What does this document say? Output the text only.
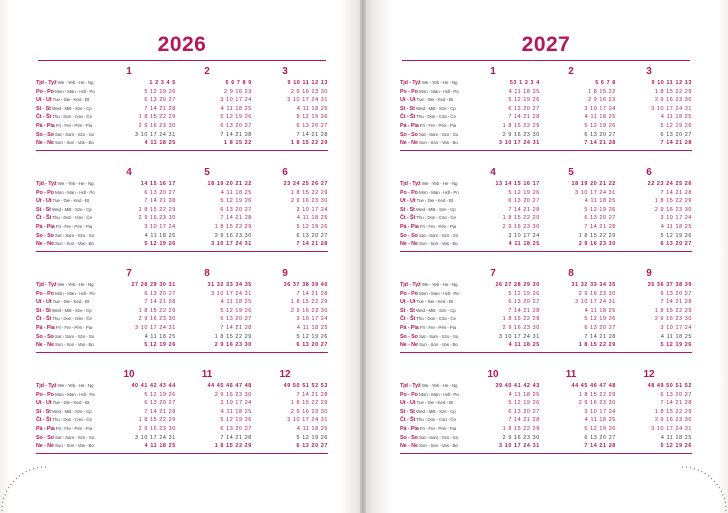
2026
1	2	3
Tjd - Tyž We - Yeb - He - Ng	1 2 3 4 5	5 6 7 8 9	9 10 11 12 13
Po - Po Mon - Man - Hdl - Po	5 12 19 26	2 9 16 23	2 9 16 23 30
Ut - Ut Tue - Die - Ked - Bt	6 13 20 27	3 10 17 24	3 10 17 24 31
St - St Wed - Mitt - Sze - Cp	7 14 21 28	4 11 18 25	4 11 18 25
Čt - Št Thu - Don - Csü - Če	1 8 15 22 29	5 12 19 26	5 12 19 26
Pá - Pia Fri - Fre - Pén - Pia	2 9 16 23 30	6 13 20 27	6 13 20 27
So - So Sat - Sam - Szo - So	3 10 17 24 31	7 14 21 28	7 14 21 28
Ne - Ne Sun - Son - Vas - Bo	4 11 18 25	1 8 15 22	1 8 15 22 29
4	5	6
Tjd - Tyž We - Yeb - He - Ng	14 15 16 17	18 19 20 21 22	23 24 25 26 27
Po - Po Mon - Man - Hdl - Po	6 13 20 27	4 11 18 25	1 8 15 22 29
Ut - Ut Tue - Die - Ked - Bt	7 14 21 28	5 12 19 26	2 9 16 23 30
St - St Wed - Mitt - Sze - Cp	1 8 15 22 29	6 13 20 27	3 10 17 24
Čt - Št Thu - Don - Csü - Če	2 9 16 23 30	7 14 21 28	4 11 18 25
Pá - Pia Fri - Fre - Pén - Pia	3 10 17 24	1 8 15 22 29	5 12 19 26
So - So Sat - Sam - Szo - So	4 11 18 25	2 9 16 23 30	6 13 20 27
Ne - Ne Sun - Son - Vas - Bo	5 12 19 26	3 10 17 24 31	7 14 21 28
7	8	9
Tjd - Tyž We - Yeb - He - Ng	27 28 29 30 31	31 32 33 34 35	36 37 38 39 40
Po - Po Mon - Man - Hdl - Po	6 13 20 27	3 10 17 24 31	7 14 21 28
Ut - Ut Tue - Die - Ked - Bt	7 14 21 28	4 11 18 25	1 8 15 22 29
St - St Wed - Mitt - Sze - Cp	1 8 15 22 29	5 12 19 26	2 9 16 23 30
Čt - Št Thu - Don - Csü - Če	2 9 16 23 30	6 13 20 27	3 10 17 24
Pá - Pia Fri - Fre - Pén - Pia	3 10 17 24 31	7 14 21 28	4 11 18 25
So - So Sat - Sam - Szo - So	4 11 18 25	1 8 15 22 29	5 12 19 26
Ne - Ne Sun - Son - Vas - Bo	5 12 19 26	2 9 16 23 30	6 13 20 27
10	11	12
Tjd - Tyž We - Yeb - He - Ng	40 41 42 43 44	44 45 46 47 48	49 50 51 52 53
Po - Po Mon - Man - Hdl - Po	5 12 19 26	2 9 16 23 30	7 14 21 28
Ut - Ut Tue - Die - Ked - Bt	6 13 20 27	3 10 17 24	1 8 15 22 29
St - St Wed - Mitt - Sze - Cp	7 14 21 28	4 11 18 25	2 9 16 23 30
Čt - Št Thu - Don - Csü - Če	1 8 15 22 29	5 12 19 26	3 10 17 24 31
Pá - Pia Fri - Fre - Pén - Pia	2 9 16 23 30	6 13 20 27	4 11 18 25
So - So Sat - Sam - Szo - So	3 10 17 24 31	7 14 21 28	5 12 19 26
Ne - Ne Sun - Son - Vas - Bo	4 11 18 25	1 8 15 22 29	6 13 20 27
2027
1	2	3
Tjd - Tyž We - Yeb - He - Ng	53 1 2 3 4	5 6 7 8	9 10 11 12 13
Po - Po Mon - Man - Hdl - Po	4 11 18 25	1 8 15 22	1 8 15 22 29
Ut - Ut Tue - Die - Ked - Bt	5 12 19 26	2 9 16 23	2 9 16 23 30
St - St Wed - Mitt - Sze - Cp	6 13 20 27	3 10 17 24	3 10 17 24 31
Čt - Št Thu - Don - Csü - Če	7 14 21 28	4 11 18 25	4 11 18 25
Pá - Pia Fri - Fre - Pén - Pia	1 8 15 22 29	5 12 19 26	5 12 19 26
So - So Sat - Sam - Szo - So	2 9 16 23 30	6 13 20 27	6 13 20 27
Ne - Ne Sun - Son - Vas - Bo	3 10 17 24 31	7 14 21 28	7 14 21 28
4	5	6
Tjd - Tyž We - Yeb - He - Ng	13 14 15 16 17	18 19 20 21 22	22 23 24 25 26
Po - Po Mon - Man - Hdl - Po	5 12 19 26	3 10 17 24 31	7 14 21 28
Ut - Ut Tue - Die - Ked - Bt	6 13 20 27	4 11 18 25	1 8 15 22 29
St - St Wed - Mitt - Sze - Cp	7 14 21 28	5 12 19 26	2 9 16 23 30
Čt - Št Thu - Don - Csü - Če	1 8 15 22 29	6 13 20 27	3 10 17 24
Pá - Pia Fri - Fre - Pén - Pia	2 9 16 23 30	7 14 21 28	4 11 18 25
So - So Sat - Sam - Szo - So	3 10 17 24	1 8 15 22 29	5 12 19 26
Ne - Ne Sun - Son - Vas - Bo	4 11 18 25	2 9 16 23 30	6 13 20 27
7	8	9
Tjd - Tyž We - Yeb - He - Ng	26 27 28 29 30	31 32 33 34 35	35 36 37 38 39
Po - Po Mon - Man - Hdl - Po	5 12 19 26	2 9 16 23 30	6 13 20 27
Ut - Ut Tue - Die - Ked - Bt	6 13 20 27	3 10 17 24 31	7 14 21 28
St - St Wed - Mitt - Sze - Cp	7 14 21 28	4 11 18 25	1 8 15 22 29
Čt - Št Thu - Don - Csü - Če	1 8 15 22 29	5 12 19 26	2 9 16 23 30
Pá - Pia Fri - Fre - Pén - Pia	2 9 16 23 30	6 13 20 27	3 10 17 24
So - So Sat - Sam - Szo - So	3 10 17 24 31	7 14 21 28	4 11 18 25
Ne - Ne Sun - Son - Vas - Bo	4 11 18 25	1 8 15 22 29	5 12 19 26
10	11	12
Tjd - Tyž We - Yeb - He - Ng	39 40 41 42 43	44 45 46 47 48	48 49 50 51 52
Po - Po Mon - Man - Hdl - Po	4 11 18 25	1 8 15 22 29	6 13 20 27
Ut - Ut Tue - Die - Ked - Bt	5 12 19 26	2 9 16 23 30	7 14 21 28
St - St Wed - Mitt - Sze - Cp	6 13 20 27	3 10 17 24	1 8 15 22 29
Čt - Št Thu - Don - Csü - Če	7 14 21 28	4 11 18 25	2 9 16 23 30
Pá - Pia Fri - Fre - Pén - Pia	1 8 15 22 29	5 12 19 26	3 10 17 24 31
So - So Sat - Sam - Szo - So	2 9 16 23 30	6 13 20 27	4 11 18 25
Ne - Ne Sun - Son - Vas - Bo	3 10 17 24 31	7 14 21 28	5 12 19 26
